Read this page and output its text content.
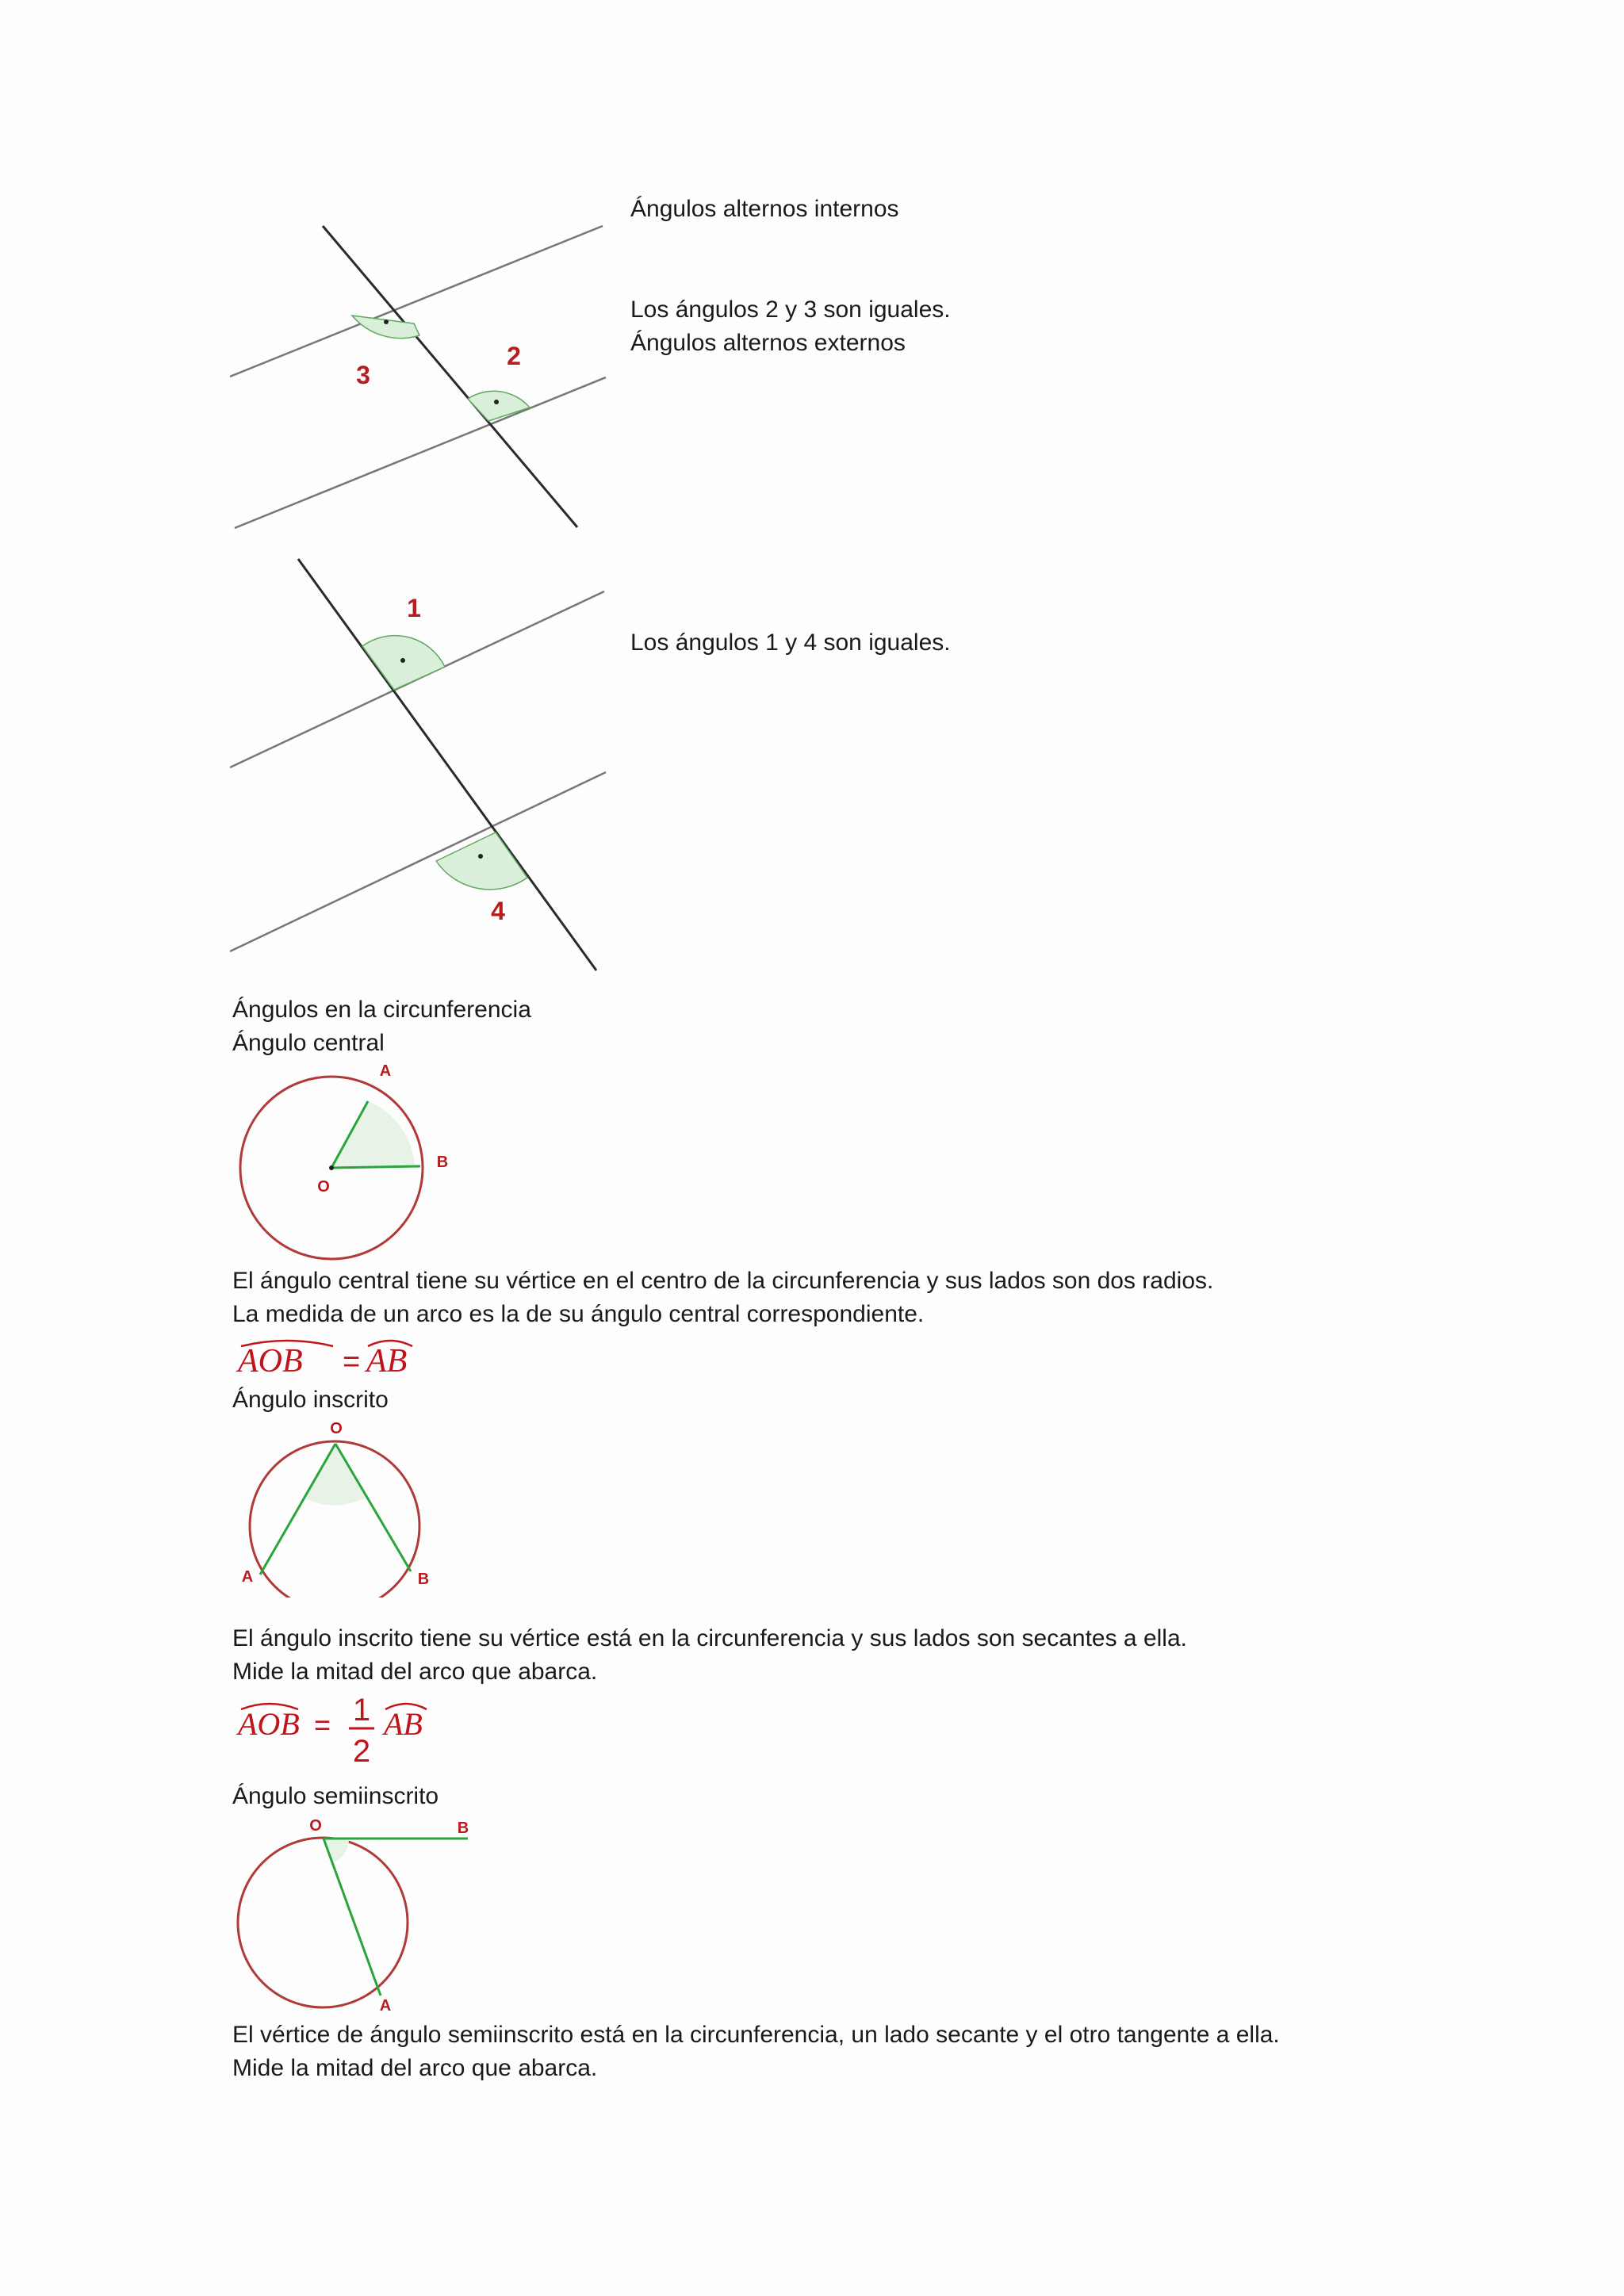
3
2
Ángulos alternos internos
Los ángulos 2 y 3 son iguales.
Ángulos alternos externos
1
4
Los ángulos 1 y 4 son iguales.
Ángulos en la circunferencia
Ángulo central
O
A
B
El ángulo central tiene su vértice en el centro de la circunferencia y sus lados son dos radios.
La medida de un arco es la de su ángulo central correspondiente.
AOB = AB
Ángulo inscrito
O
A	B
El ángulo inscrito tiene su vértice está en la circunferencia y sus lados son secantes a ella.
Mide la mitad del arco que abarca.
AOB = 1
2
AB
Ángulo semiinscrito
O	B
A
El vértice de ángulo semiinscrito está en la circunferencia, un lado secante y el otro tangente a ella.
Mide la mitad del arco que abarca.
